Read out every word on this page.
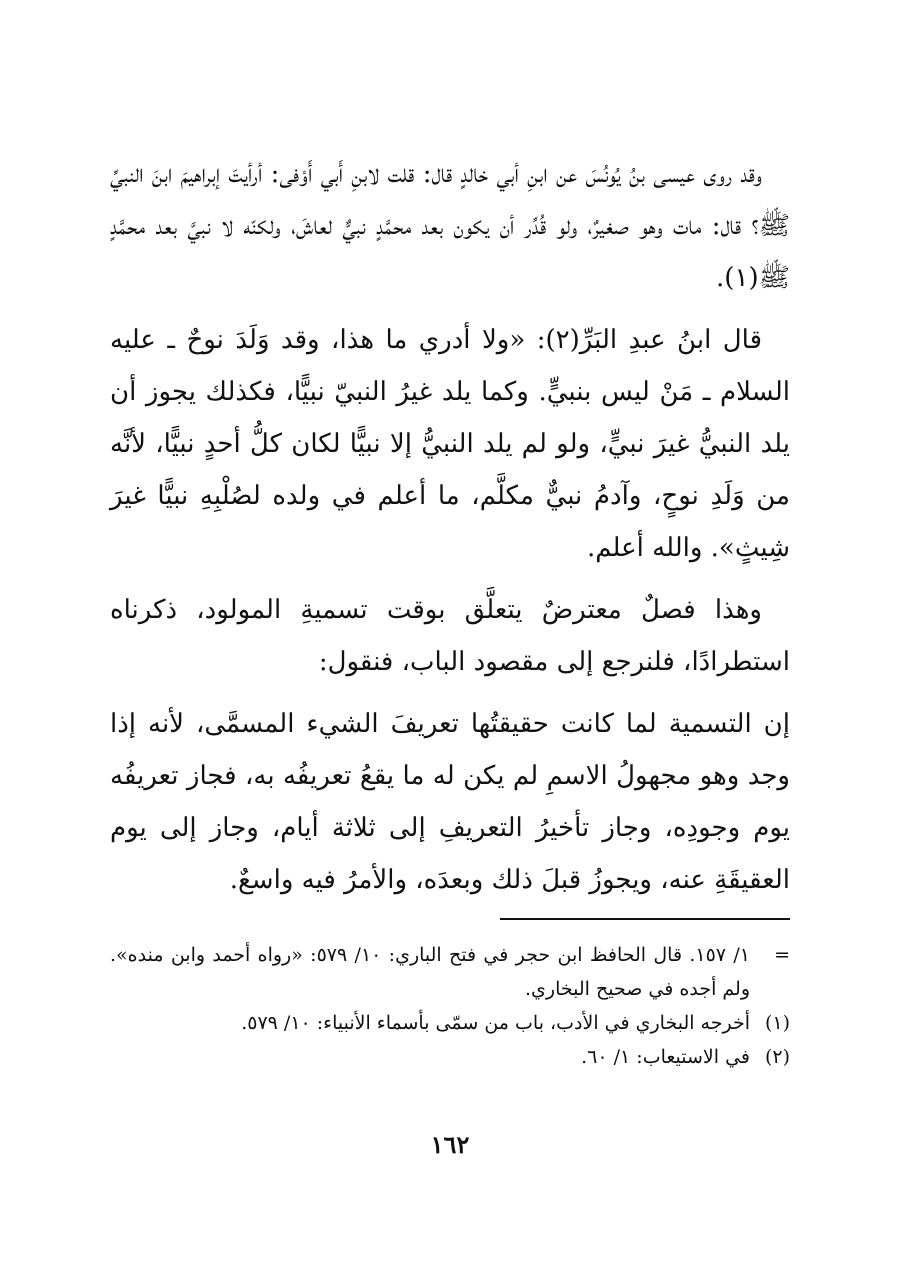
وقد روى عيسى بنُ يُونُسَ عن ابنِ أبي خالدٍ قال: قلت لابنِ أَبي أَوْفى: أرأيتَ إبراهيمَ ابنَ النبيِّ ﷺ؟ قال: مات وهو صغيرٌ، ولو قُدِّر أن يكون بعد محمَّدٍ نبيٌّ لعاشَ، ولكنّه لا نبيَّ بعد محمَّدٍ ﷺ(١).

قال ابنُ عبدِ البَرِّ(٢): «ولا أدري ما هذا، وقد وَلَدَ نوحٌ ـ عليه السلام ـ مَنْ ليس بنبيٍّ. وكما يلد غيرُ النبيّ نبيًّا، فكذلك يجوز أن يلد النبيُّ غيرَ نبيٍّ، ولو لم يلد النبيُّ إلا نبيًّا لكان كلُّ أحدٍ نبيًّا، لأنَّه من وَلَدِ نوحٍ، وآدمُ نبيٌّ مكلَّم، ما أعلم في ولده لصُلْبِهِ نبيًّا غيرَ شِيثٍ». والله أعلم.

وهذا فصلٌ معترضٌ يتعلَّق بوقت تسميةِ المولود، ذكرناه استطرادًا، فلنرجع إلى مقصود الباب، فنقول:

إن التسمية لما كانت حقيقتُها تعريفَ الشيء المسمَّى، لأنه إذا وجد وهو مجهولُ الاسمِ لم يكن له ما يقعُ تعريفُه به، فجاز تعريفُه يوم وجودِه، وجاز تأخيرُ التعريفِ إلى ثلاثة أيام، وجاز إلى يوم العقيقَةِ عنه، ويجوزُ قبلَ ذلك وبعدَه، والأمرُ فيه واسعٌ.

=
١/ ١٥٧. قال الحافظ ابن حجر في فتح الباري: ١٠/ ٥٧٩: «رواه أحمد وابن منده». ولم أجده في صحيح البخاري.
(١)
أخرجه البخاري في الأدب، باب من سمّى بأسماء الأنبياء: ١٠/ ٥٧٩.
(٢)
في الاستيعاب: ١/ ٦٠.
١٦٢
